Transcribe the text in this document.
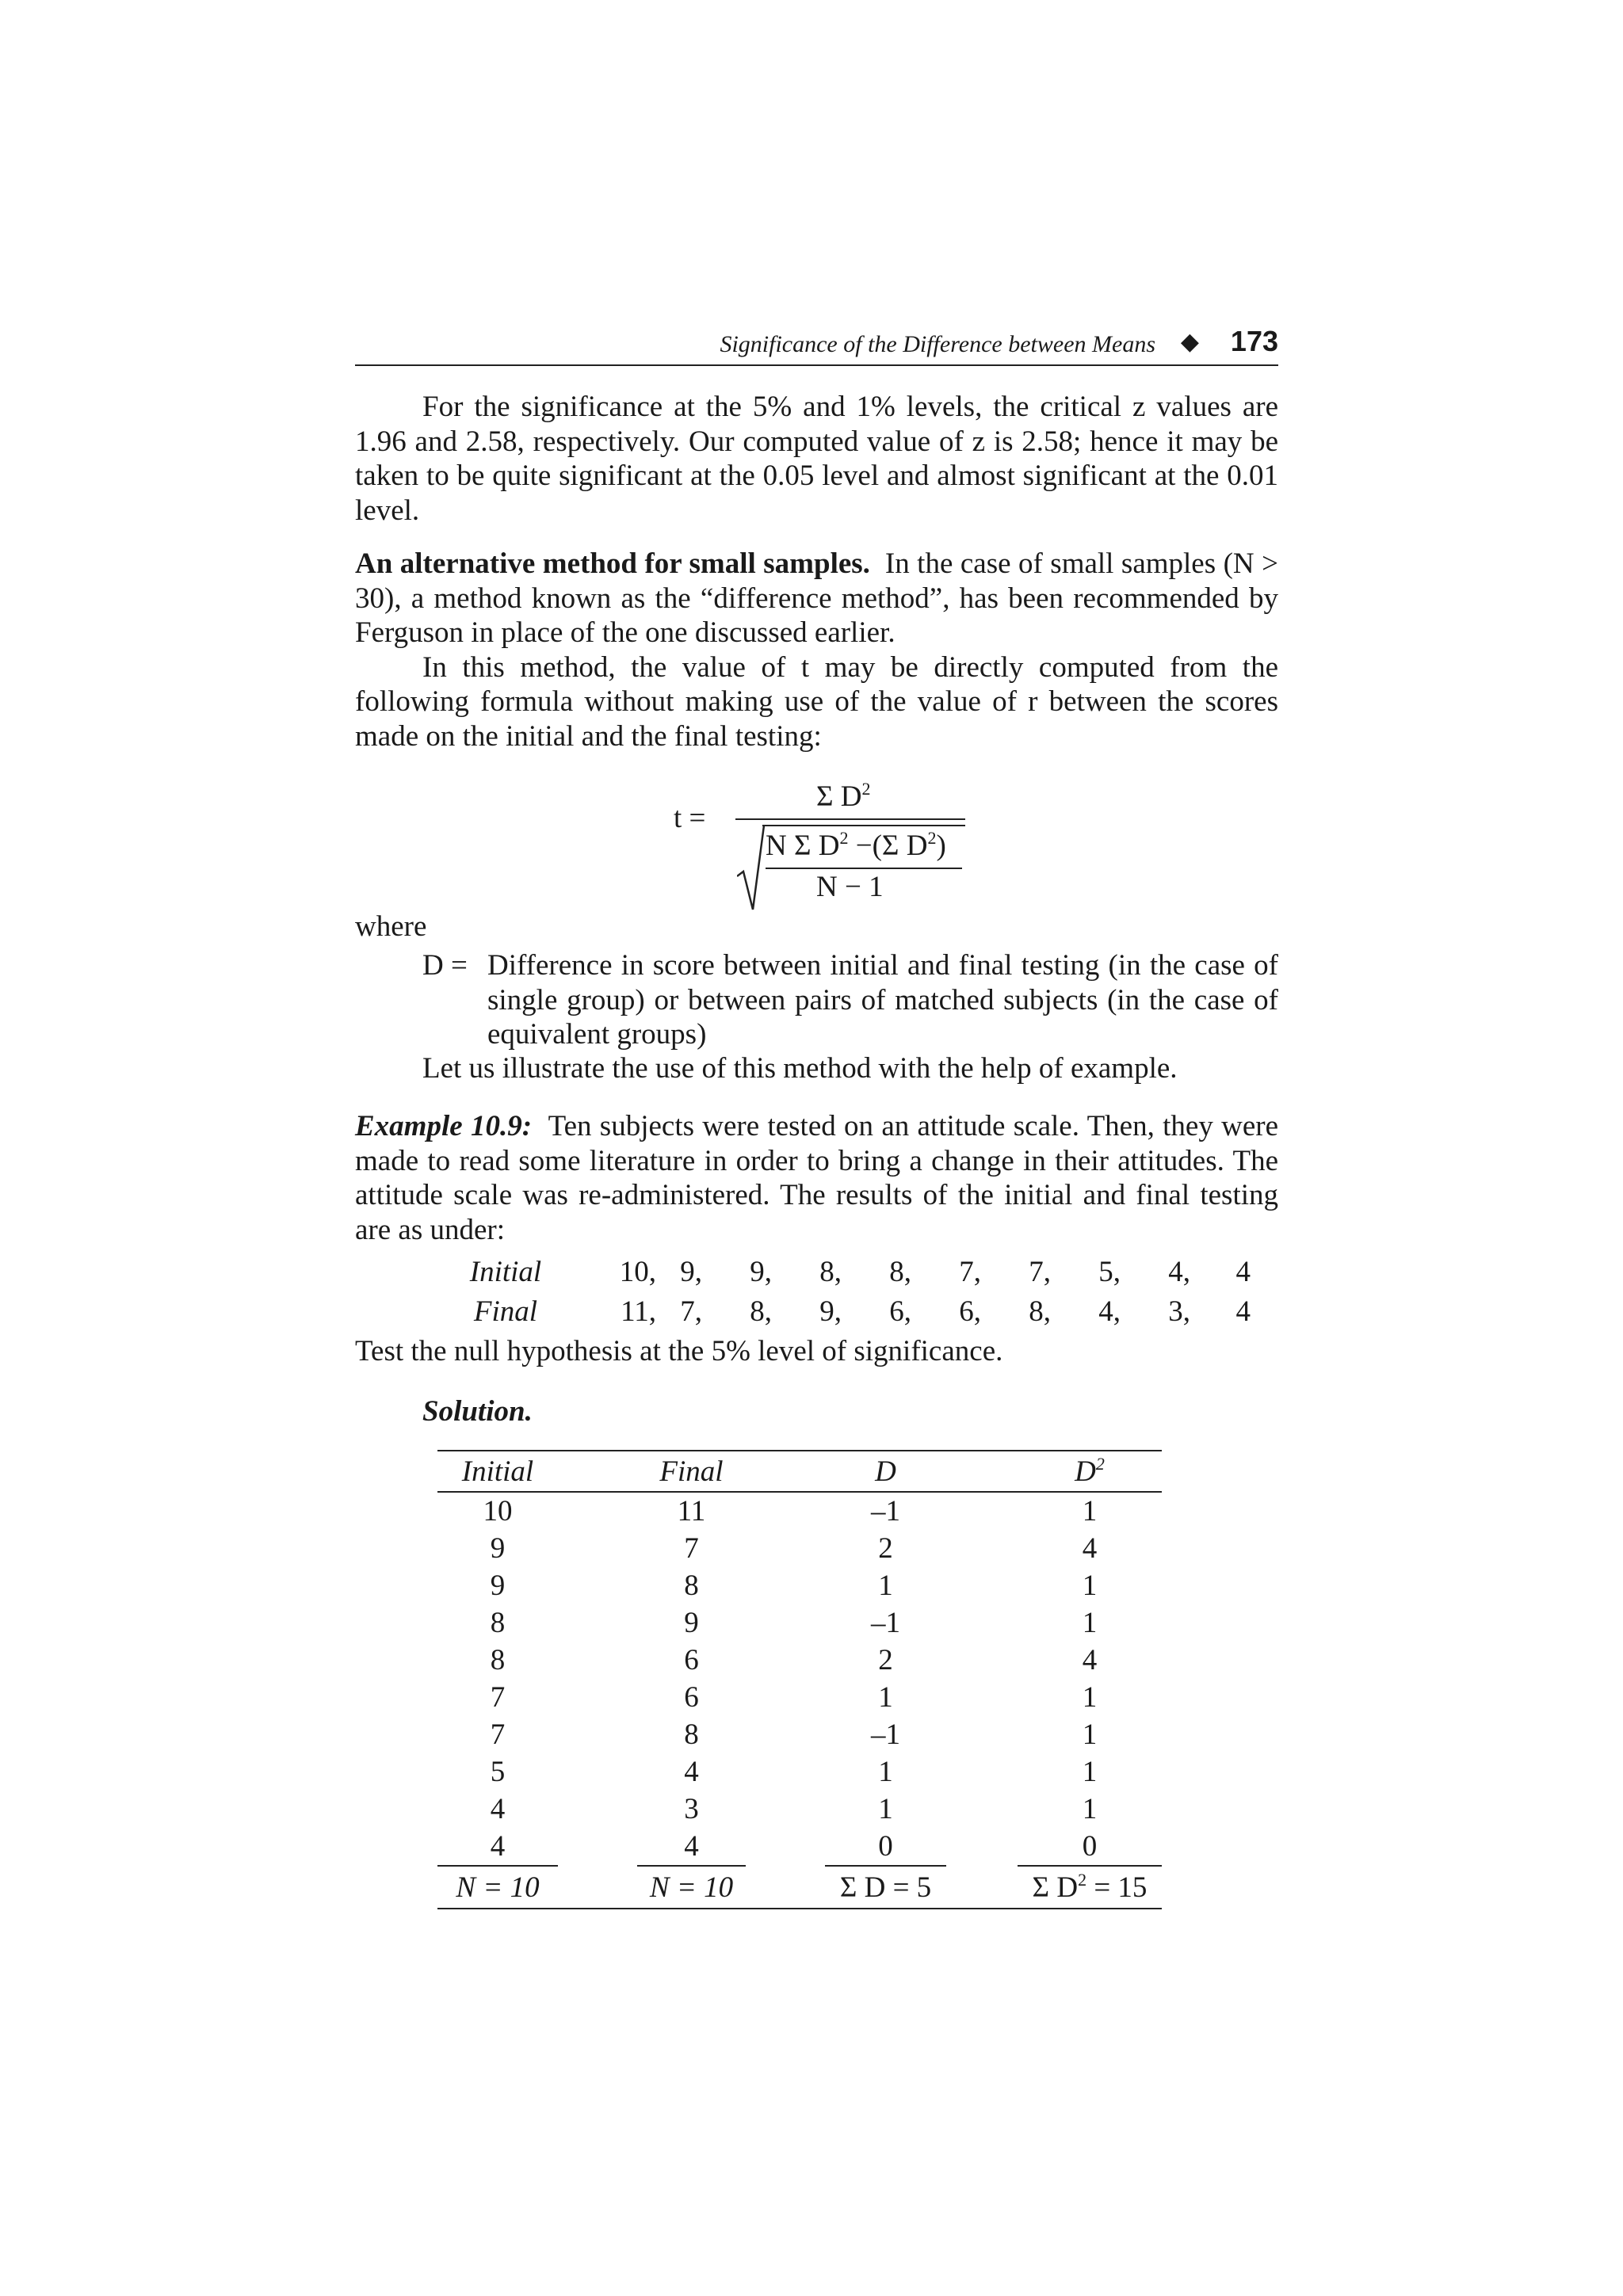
Significance of the Difference between Means ◆ 173

For the significance at the 5% and 1% levels, the critical z values are 1.96 and 2.58, respectively. Our computed value of z is 2.58; hence it may be taken to be quite significant at the 0.05 level and almost significant at the 0.01 level.

An alternative method for small samples. In the case of small samples (N > 30), a method known as the “difference method”, has been recommended by Ferguson in place of the one discussed earlier.

In this method, the value of t may be directly computed from the following formula without making use of the value of r between the scores made on the initial and the final testing:

t =
Σ $D^2$
N Σ $D^2 -(\Sigma$ $D^2$)
N − 1
where
D = Difference in score between initial and final testing (in the case of single group) or between pairs of matched subjects (in the case of equivalent groups)
Let us illustrate the use of this method with the help of example.

Example 10.9: Ten subjects were tested on an attitude scale. Then, they were made to read some literature in order to bring a change in their attitudes. The attitude scale was re-administered. The results of the initial and final testing are as under:

Initial	10, 9,	9,	8,	8,	7,	7,	5,	4,	4
Final	11, 7,	8,	9,	6,	6,	8,	4,	3,	4
Test the null hypothesis at the 5% level of significance.
Solution.
Initial		Final		D		$D^2$
10		11		–1		1
9		7		2		4
9		8		1		1
8		9		–1		1
8		6		2		4
7		6		1		1
7		8		–1		1
5		4		1		1
4		3		1		1
4		4		0		0
N = 10		N = 10		Σ D = 5		Σ $D^2 = 15$
